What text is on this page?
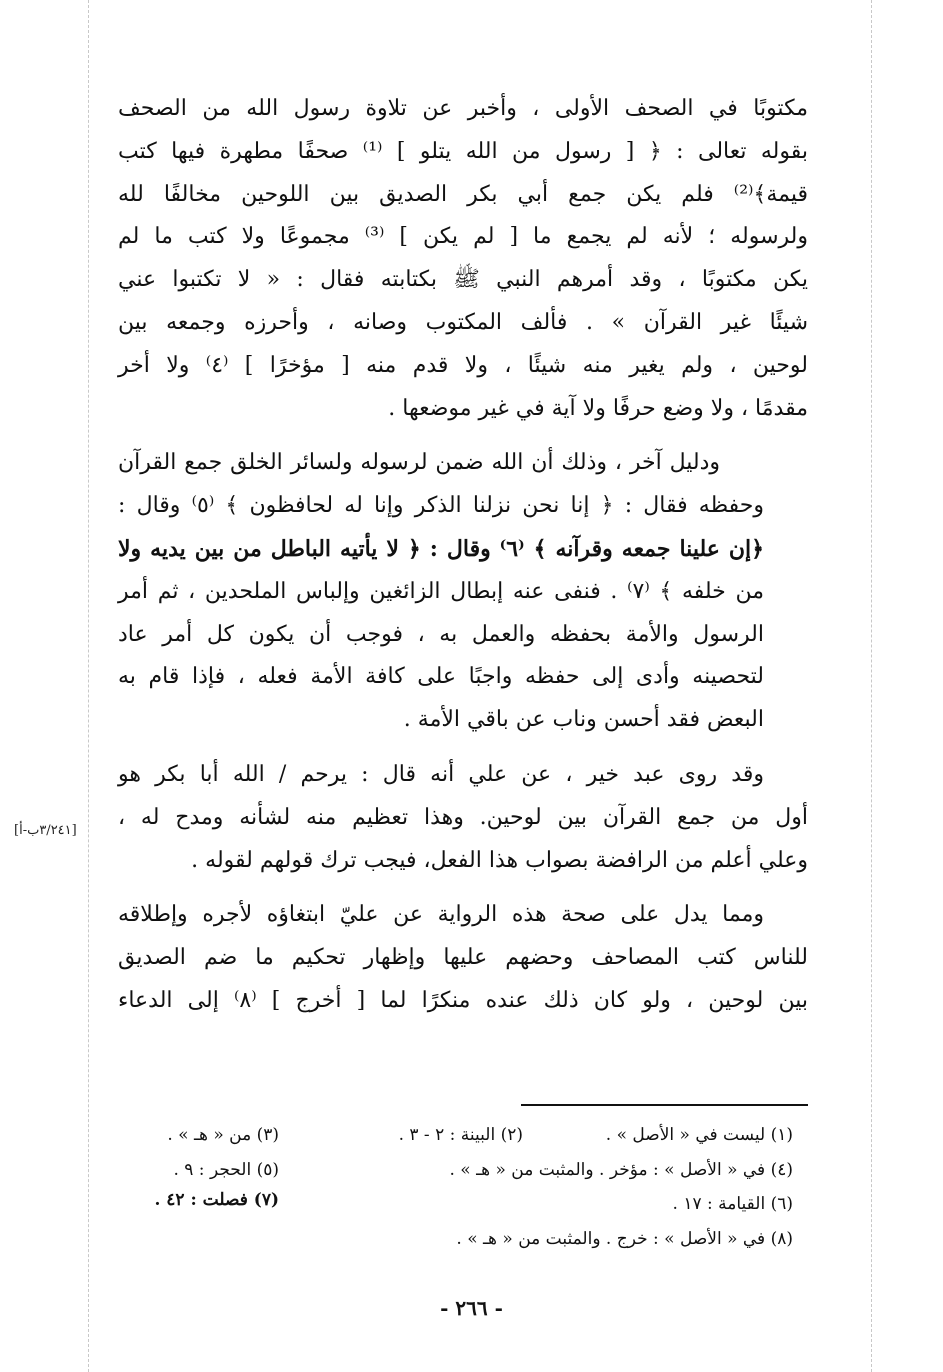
مكتوبًا في الصحف الأولى ، وأخبر عن تلاوة رسول الله من الصحف
بقوله تعالى : ﴿ [ رسول من الله يتلو ] ⁽¹⁾ صحفًا مطهرة فيها كتب
قيمة﴾⁽²⁾ فلم يكن جمع أبي بكر الصديق بين اللوحين مخالفًا لله
ولرسوله ؛ لأنه لم يجمع ما [ لم يكن ] ⁽³⁾ مجموعًا ولا كتب ما لم
يكن مكتوبًا ، وقد أمرهم النبي ﷺ بكتابته فقال : « لا تكتبوا عني
شيئًا غير القرآن » . فألف المكتوب وصانه ، وأحرزه وجمعه بين
لوحين ، ولم يغير منه شيئًا ، ولا قدم منه [ مؤخرًا ] ⁽٤⁾ ولا أخر
مقدمًا ، ولا وضع حرفًا ولا آية في غير موضعها .

ودليل آخر ، وذلك أن الله ضمن لرسوله ولسائر الخلق جمع القرآن
وحفظه فقال : ﴿ إنا نحن نزلنا الذكر وإنا له لحافظون ﴾ ⁽٥⁾ وقال :
﴿إن علينا جمعه وقرآنه ﴾ ⁽٦⁾ وقال : ﴿ لا يأتيه الباطل من بين يديه ولا
من خلفه ﴾ ⁽٧⁾ . فنفى عنه إبطال الزائغين وإلباس الملحدين ، ثم أمر
الرسول والأمة بحفظه والعمل به ، فوجب أن يكون كل أمر عاد
لتحصينه وأدى إلى حفظه واجبًا على كافة الأمة فعله ، فإذا قام به
البعض فقد أحسن وناب عن باقي الأمة .

وقد روى عبد خير ، عن علي أنه قال : يرحم / الله أبا بكر هو
أول من جمع القرآن بين لوحين. وهذا تعظيم منه لشأنه ومدح له ،
وعلي أعلم من الرافضة بصواب هذا الفعل، فيجب ترك قولهم لقوله .

ومما يدل على صحة هذه الرواية عن عليّ ابتغاؤه لأجره وإطلاقه
للناس كتب المصاحف وحضهم عليها وإظهار تحكيم ما ضم الصديق
بين لوحين ، ولو كان ذلك عنده منكرًا لما [ أخرج ] ⁽٨⁾ إلى الدعاء

[٣/٢٤١ب-أ]
(١) ليست في « الأصل » .
(٢) البينة : ٢ - ٣ .
(٣) من « هـ » .
(٤) في « الأصل » : مؤخر . والمثبت من « هـ » .
(٥) الحجر : ٩ .
(٦) القيامة : ١٧ .
(٧) فصلت : ٤٢ .
(٨) في « الأصل » : خرج . والمثبت من « هـ » .
- ٢٦٦ -
